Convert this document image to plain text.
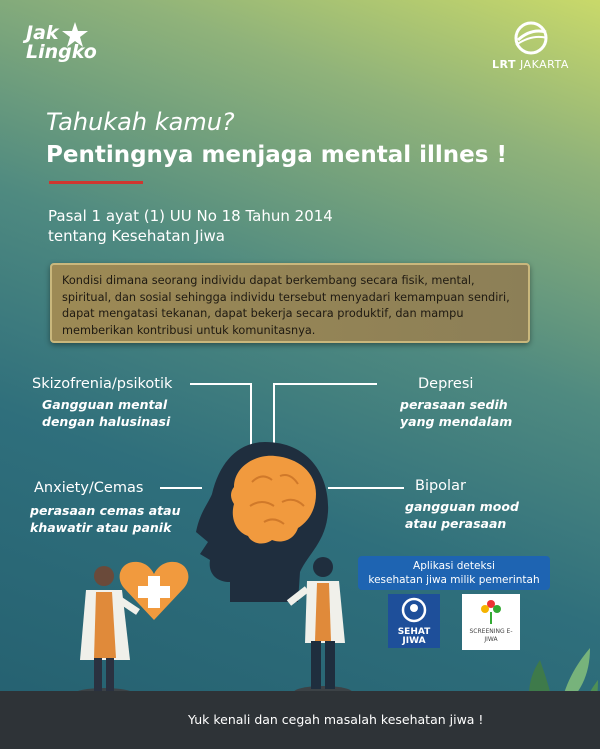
Jak
Lingko
LRT JAKARTA
Tahukah kamu?
Pentingnya menjaga mental illnes !
Pasal 1 ayat (1) UU No 18 Tahun 2014
tentang Kesehatan Jiwa
Kondisi dimana seorang individu dapat berkembang secara fisik, mental, spiritual, dan sosial sehingga individu tersebut menyadari kemampuan sendiri, dapat mengatasi tekanan, dapat bekerja secara produktif, dan mampu memberikan kontribusi untuk komunitasnya.
Skizofrenia/psikotik
Gangguan mental
dengan halusinasi
Depresi
perasaan sedih
yang mendalam
Anxiety/Cemas
perasaan cemas atau
khawatir atau panik
Bipolar
gangguan mood
atau perasaan
Aplikasi deteksi
kesehatan jiwa milik pemerintah
SEHAT
JIWA
SCREENING E-JIWA
Yuk kenali dan cegah masalah kesehatan jiwa !
